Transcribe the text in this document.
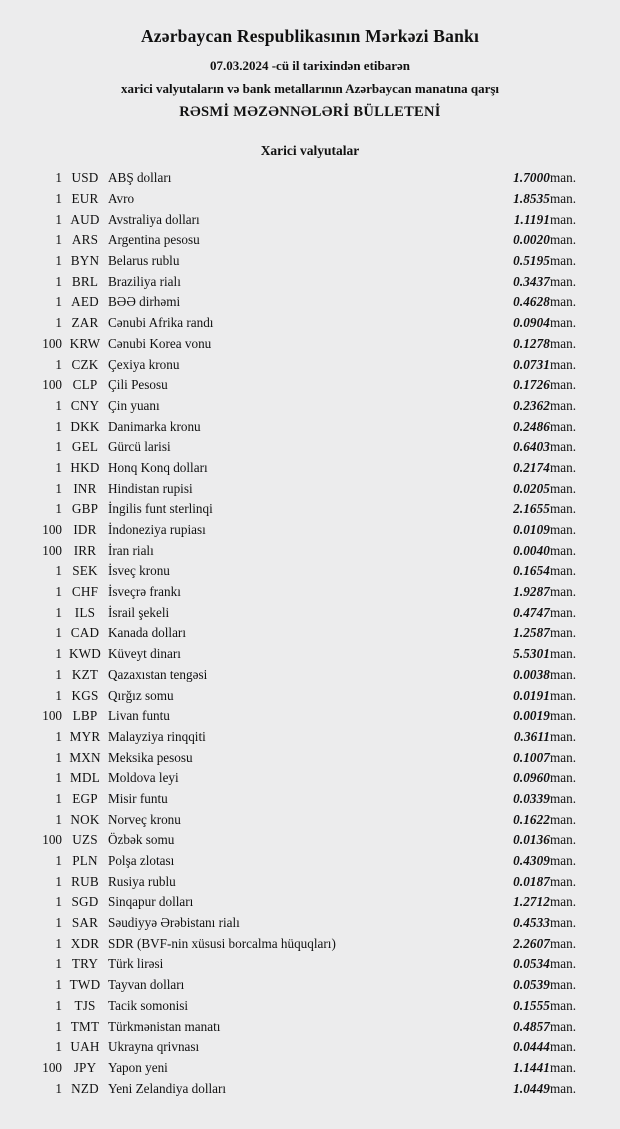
Azərbaycan Respublikasının Mərkəzi Bankı
07.03.2024 -cü il tarixindən etibarən
xarici valyutaların və bank metallarının Azərbaycan manatına qarşı
RƏSMİ MƏZƏNNƏLƏRİ BÜLLETENİ
Xarici valyutalar
1	USD	ABŞ dolları	1.7000	man.
1	EUR	Avro	1.8535	man.
1	AUD	Avstraliya dolları	1.1191	man.
1	ARS	Argentina pesosu	0.0020	man.
1	BYN	Belarus rublu	0.5195	man.
1	BRL	Braziliya rialı	0.3437	man.
1	AED	BƏƏ dirhəmi	0.4628	man.
1	ZAR	Cənubi Afrika randı	0.0904	man.
100	KRW	Cənubi Korea vonu	0.1278	man.
1	CZK	Çexiya kronu	0.0731	man.
100	CLP	Çili Pesosu	0.1726	man.
1	CNY	Çin yuanı	0.2362	man.
1	DKK	Danimarka kronu	0.2486	man.
1	GEL	Gürcü larisi	0.6403	man.
1	HKD	Honq Konq dolları	0.2174	man.
1	INR	Hindistan rupisi	0.0205	man.
1	GBP	İngilis funt sterlinqi	2.1655	man.
100	IDR	İndoneziya rupiası	0.0109	man.
100	IRR	İran rialı	0.0040	man.
1	SEK	İsveç kronu	0.1654	man.
1	CHF	İsveçrə frankı	1.9287	man.
1	ILS	İsrail şekeli	0.4747	man.
1	CAD	Kanada dolları	1.2587	man.
1	KWD	Küveyt dinarı	5.5301	man.
1	KZT	Qazaxıstan tengəsi	0.0038	man.
1	KGS	Qırğız somu	0.0191	man.
100	LBP	Livan funtu	0.0019	man.
1	MYR	Malayziya rinqqiti	0.3611	man.
1	MXN	Meksika pesosu	0.1007	man.
1	MDL	Moldova leyi	0.0960	man.
1	EGP	Misir funtu	0.0339	man.
1	NOK	Norveç kronu	0.1622	man.
100	UZS	Özbək somu	0.0136	man.
1	PLN	Polşa zlotası	0.4309	man.
1	RUB	Rusiya rublu	0.0187	man.
1	SGD	Sinqapur dolları	1.2712	man.
1	SAR	Səudiyyə Ərəbistanı rialı	0.4533	man.
1	XDR	SDR (BVF-nin xüsusi borcalma hüquqları)	2.2607	man.
1	TRY	Türk lirəsi	0.0534	man.
1	TWD	Tayvan dolları	0.0539	man.
1	TJS	Tacik somonisi	0.1555	man.
1	TMT	Türkmənistan manatı	0.4857	man.
1	UAH	Ukrayna qrivnası	0.0444	man.
100	JPY	Yapon yeni	1.1441	man.
1	NZD	Yeni Zelandiya dolları	1.0449	man.
